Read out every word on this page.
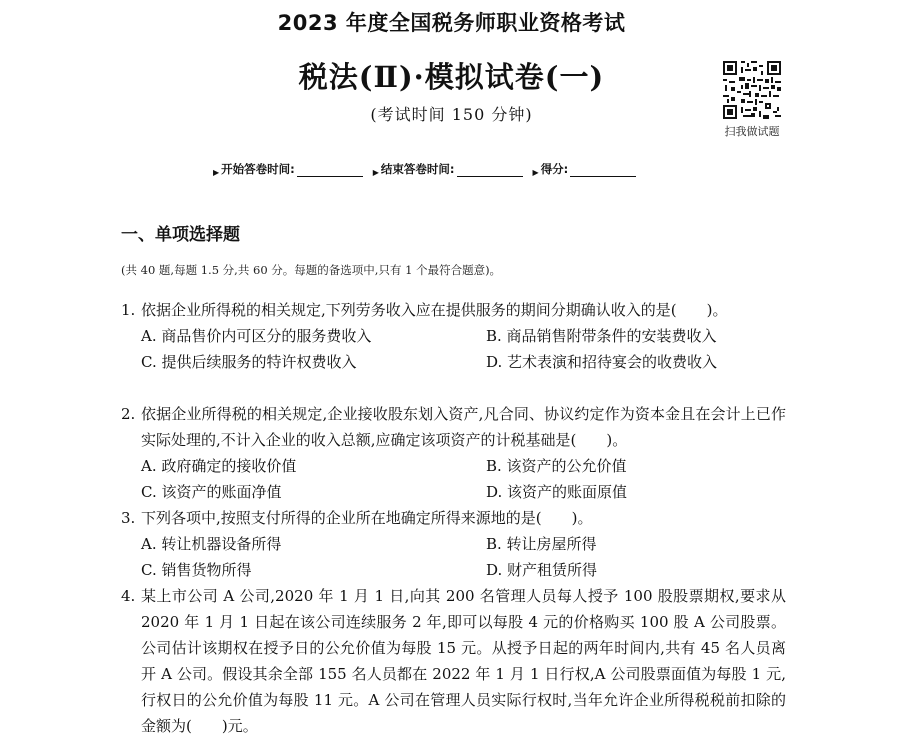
2023 年度全国税务师职业资格考试
税法(Ⅱ)·模拟试卷(一)
(考试时间 150 分钟)
扫我做试题
▶ 开始答卷时间:	▶ 结束答卷时间:	▶ 得分:
一、单项选择题
(共 40 题,每题 1.5 分,共 60 分。每题的备选项中,只有 1 个最符合题意)。
1. 依据企业所得税的相关规定,下列劳务收入应在提供服务的期间分期确认收入的是(　　)。
A. 商品售价内可区分的服务费收入	B. 商品销售附带条件的安装费收入
C. 提供后续服务的特许权费收入	D. 艺术表演和招待宴会的收费收入
2. 依据企业所得税的相关规定,企业接收股东划入资产,凡合同、协议约定作为资本金且在会计上已作实际处理的,不计入企业的收入总额,应确定该项资产的计税基础是(　　)。
A. 政府确定的接收价值	B. 该资产的公允价值
C. 该资产的账面净值	D. 该资产的账面原值
3. 下列各项中,按照支付所得的企业所在地确定所得来源地的是(　　)。
A. 转让机器设备所得	B. 转让房屋所得
C. 销售货物所得	D. 财产租赁所得
4. 某上市公司 A 公司,2020 年 1 月 1 日,向其 200 名管理人员每人授予 100 股股票期权,要求从 2020 年 1 月 1 日起在该公司连续服务 2 年,即可以每股 4 元的价格购买 100 股 A 公司股票。公司估计该期权在授予日的公允价值为每股 15 元。从授予日起的两年时间内,共有 45 名人员离开 A 公司。假设其余全部 155 名人员都在 2022 年 1 月 1 日行权,A 公司股票面值为每股 1 元,行权日的公允价值为每股 11 元。A 公司在管理人员实际行权时,当年允许企业所得税税前扣除的金额为(　　)元。
